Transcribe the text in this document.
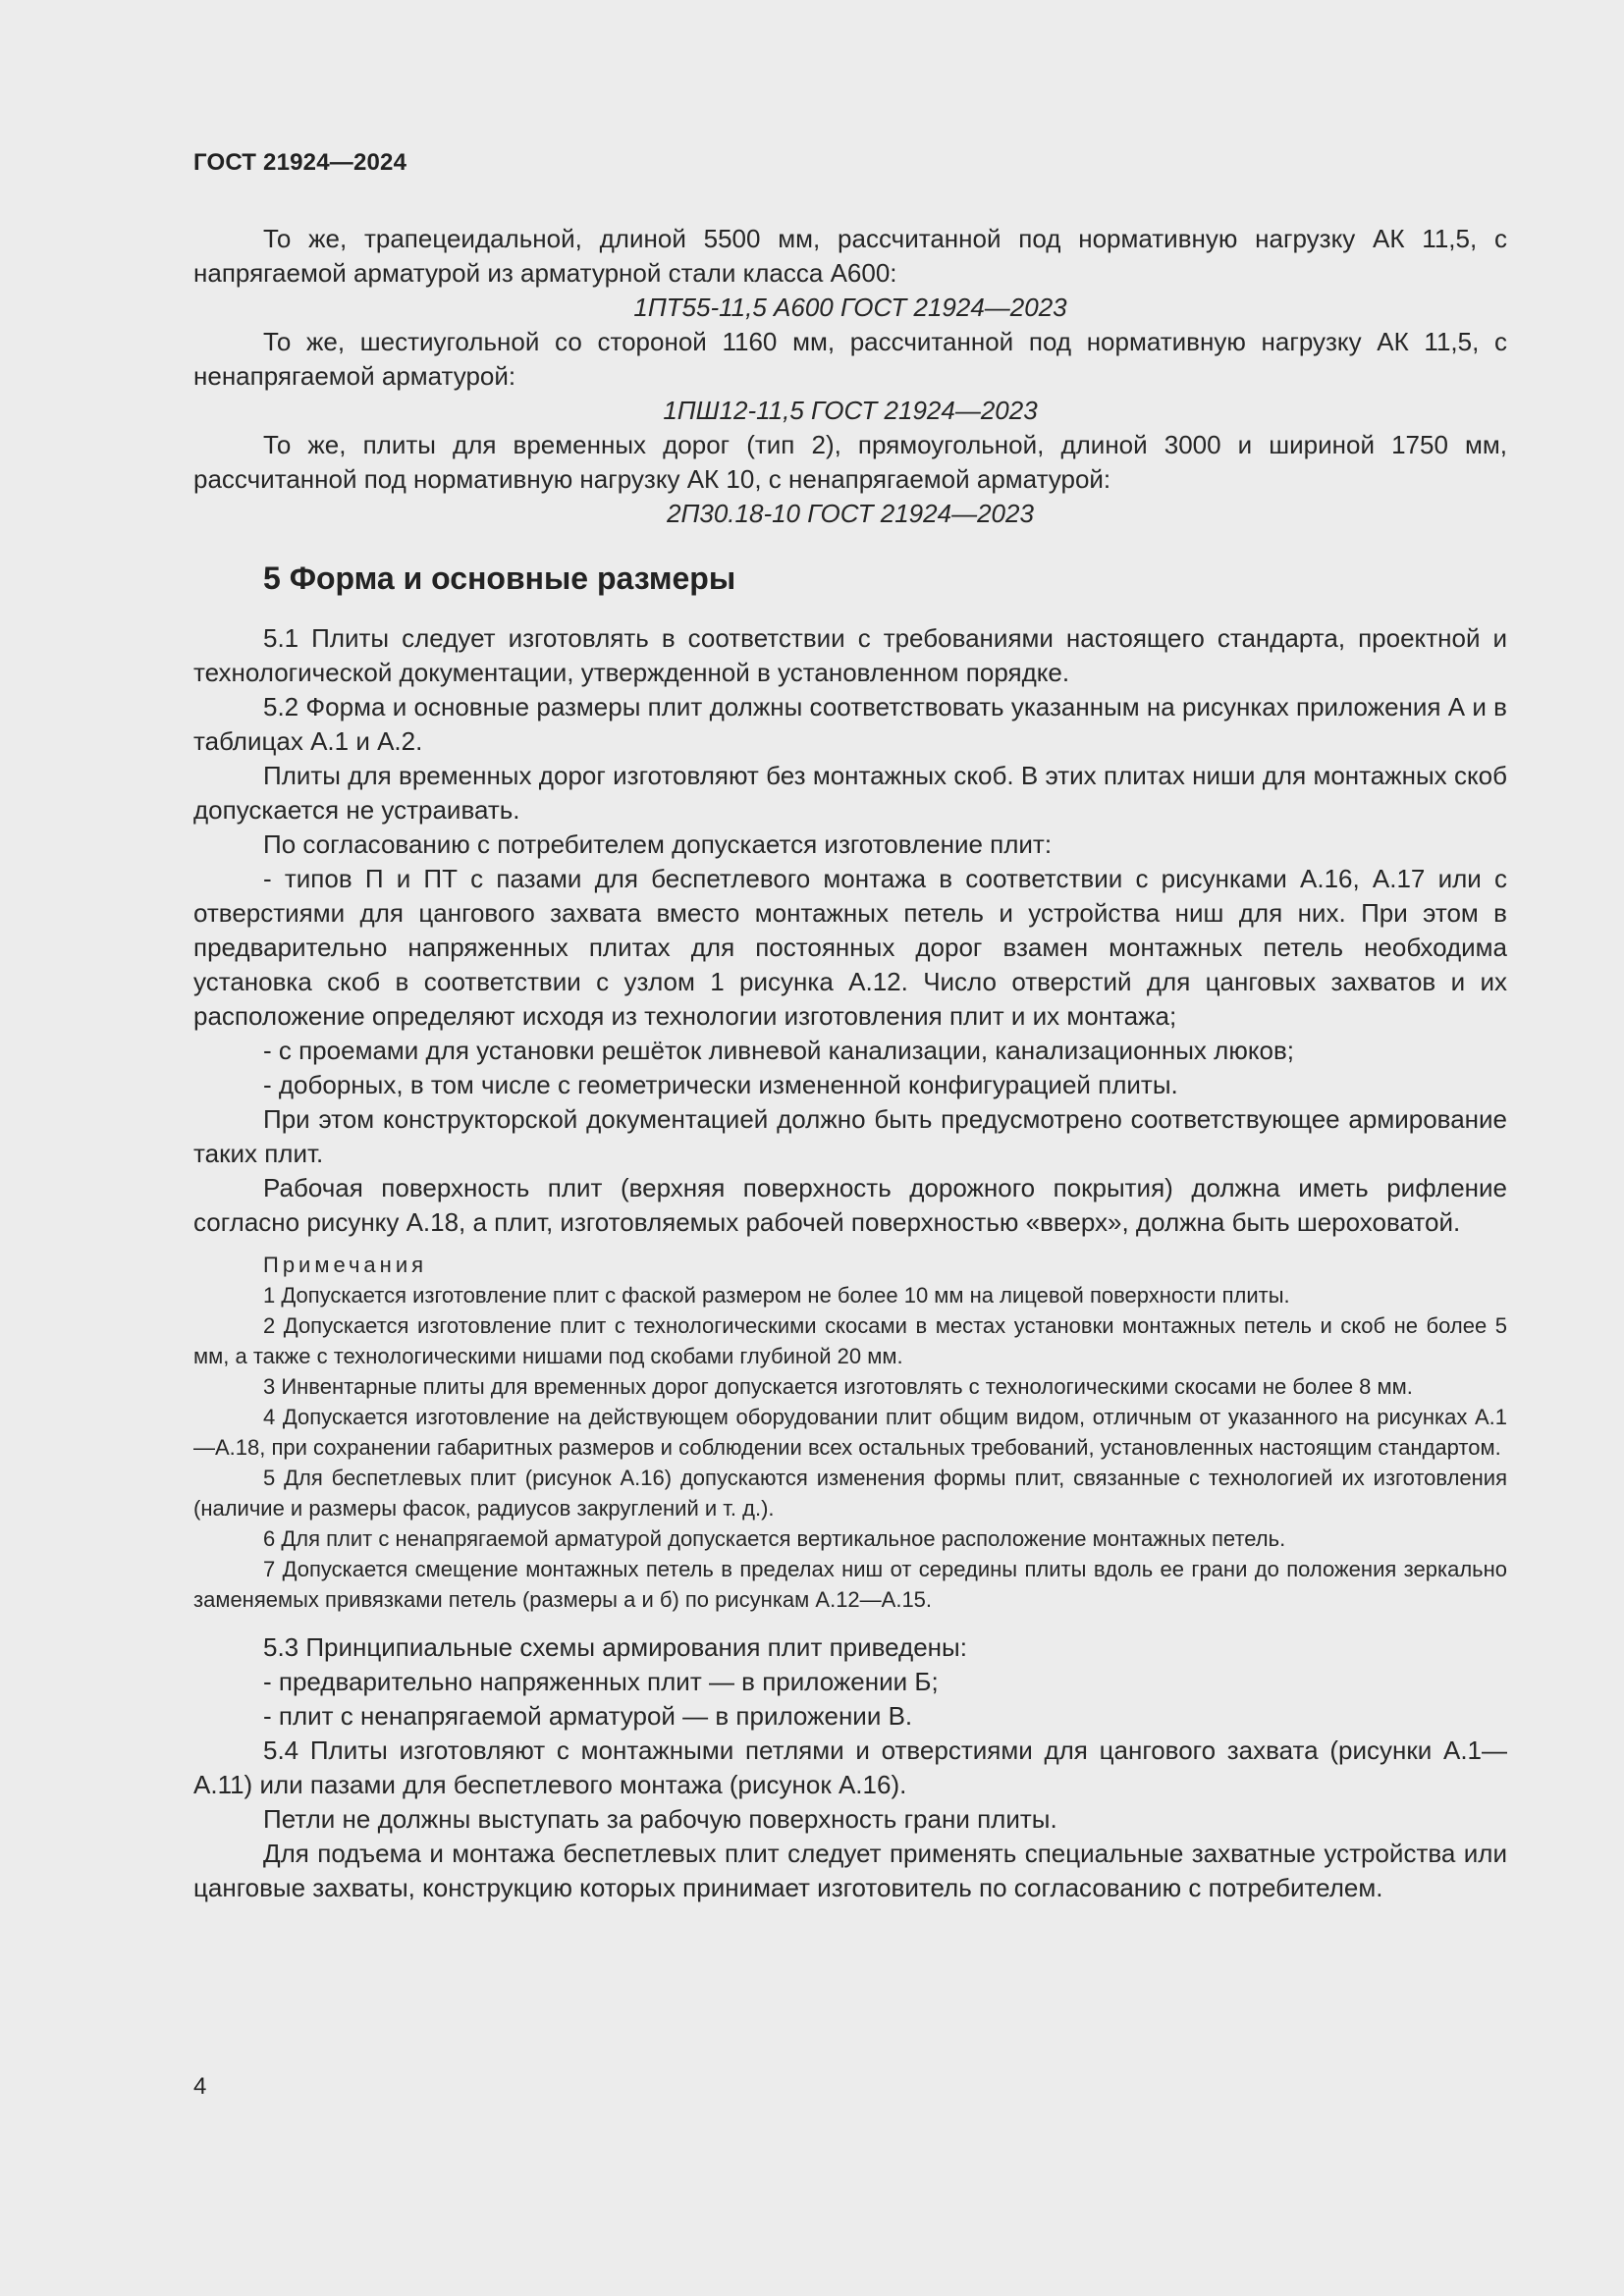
ГОСТ 21924—2024

То же, трапецеидальной, длиной 5500 мм, рассчитанной под нормативную нагрузку АК 11,5, с напрягаемой арматурой из арматурной стали класса А600:

1ПТ55-11,5 А600 ГОСТ 21924—2023

То же, шестиугольной со стороной 1160 мм, рассчитанной под нормативную нагрузку АК 11,5, с ненапрягаемой арматурой:

1ПШ12-11,5 ГОСТ 21924—2023

То же, плиты для временных дорог (тип 2), прямоугольной, длиной 3000 и шириной 1750 мм, рассчитанной под нормативную нагрузку АК 10, с ненапрягаемой арматурой:

2П30.18-10 ГОСТ 21924—2023

5 Форма и основные размеры

5.1 Плиты следует изготовлять в соответствии с требованиями настоящего стандарта, проектной и технологической документации, утвержденной в установленном порядке.

5.2 Форма и основные размеры плит должны соответствовать указанным на рисунках приложения А и в таблицах А.1 и А.2.

Плиты для временных дорог изготовляют без монтажных скоб. В этих плитах ниши для монтажных скоб допускается не устраивать.

По согласованию с потребителем допускается изготовление плит:

- типов П и ПТ с пазами для беспетлевого монтажа в соответствии с рисунками А.16, А.17 или с отверстиями для цангового захвата вместо монтажных петель и устройства ниш для них. При этом в предварительно напряженных плитах для постоянных дорог взамен монтажных петель необходима установка скоб в соответствии с узлом 1 рисунка А.12. Число отверстий для цанговых захватов и их расположение определяют исходя из технологии изготовления плит и их монтажа;

- с проемами для установки решёток ливневой канализации, канализационных люков;

- доборных, в том числе с геометрически измененной конфигурацией плиты.

При этом конструкторской документацией должно быть предусмотрено соответствующее армирование таких плит.

Рабочая поверхность плит (верхняя поверхность дорожного покрытия) должна иметь рифление согласно рисунку А.18, а плит, изготовляемых рабочей поверхностью «вверх», должна быть шероховатой.

Примечания

1 Допускается изготовление плит с фаской размером не более 10 мм на лицевой поверхности плиты.

2 Допускается изготовление плит с технологическими скосами в местах установки монтажных петель и скоб не более 5 мм, а также с технологическими нишами под скобами глубиной 20 мм.

3 Инвентарные плиты для временных дорог допускается изготовлять с технологическими скосами не более 8 мм.

4 Допускается изготовление на действующем оборудовании плит общим видом, отличным от указанного на рисунках А.1—А.18, при сохранении габаритных размеров и соблюдении всех остальных требований, установленных настоящим стандартом.

5 Для беспетлевых плит (рисунок А.16) допускаются изменения формы плит, связанные с технологией их изготовления (наличие и размеры фасок, радиусов закруглений и т. д.).

6 Для плит с ненапрягаемой арматурой допускается вертикальное расположение монтажных петель.

7 Допускается смещение монтажных петель в пределах ниш от середины плиты вдоль ее грани до положения зеркально заменяемых привязками петель (размеры а и б) по рисункам А.12—А.15.

5.3 Принципиальные схемы армирования плит приведены:

- предварительно напряженных плит — в приложении Б;

- плит с ненапрягаемой арматурой — в приложении В.

5.4 Плиты изготовляют с монтажными петлями и отверстиями для цангового захвата (рисунки А.1—А.11) или пазами для беспетлевого монтажа (рисунок А.16).

Петли не должны выступать за рабочую поверхность грани плиты.

Для подъема и монтажа беспетлевых плит следует применять специальные захватные устройства или цанговые захваты, конструкцию которых принимает изготовитель по согласованию с потребителем.

4
